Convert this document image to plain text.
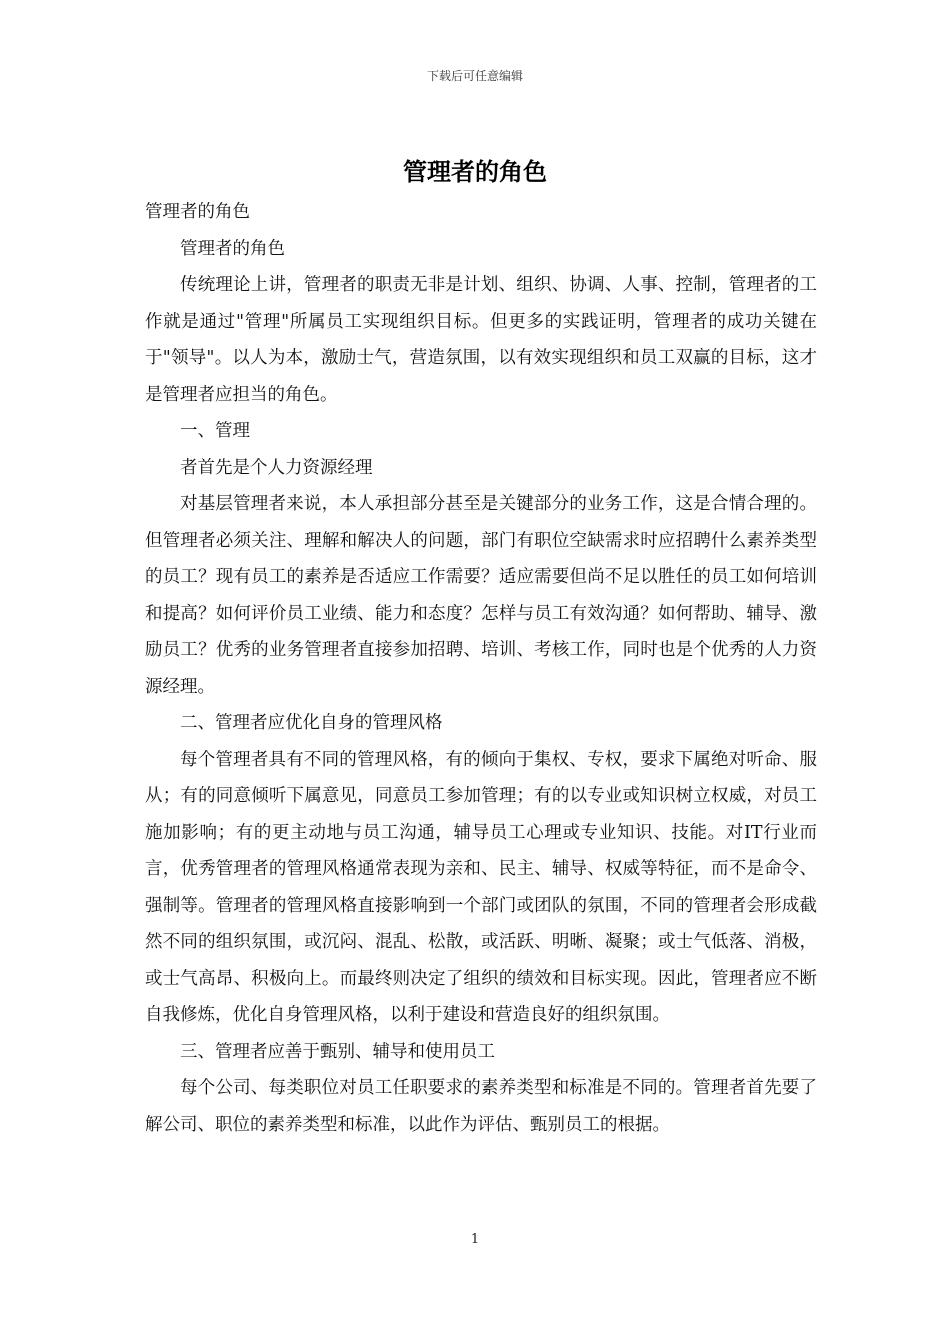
下载后可任意编辑
管理者的角色

管理者的角色

管理者的角色

传统理论上讲，管理者的职责无非是计划、组织、协调、人事、控制，管理者的工作就是通过"管理"所属员工实现组织目标。但更多的实践证明，管理者的成功关键在于"领导"。以人为本，激励士气，营造氛围，以有效实现组织和员工双赢的目标，这才是管理者应担当的角色。

一、管理

者首先是个人力资源经理

对基层管理者来说，本人承担部分甚至是关键部分的业务工作，这是合情合理的。但管理者必须关注、理解和解决人的问题，部门有职位空缺需求时应招聘什么素养类型的员工？现有员工的素养是否适应工作需要？适应需要但尚不足以胜任的员工如何培训和提高？如何评价员工业绩、能力和态度？怎样与员工有效沟通？如何帮助、辅导、激励员工？优秀的业务管理者直接参加招聘、培训、考核工作，同时也是个优秀的人力资源经理。

二、管理者应优化自身的管理风格

每个管理者具有不同的管理风格，有的倾向于集权、专权，要求下属绝对听命、服从；有的同意倾听下属意见，同意员工参加管理；有的以专业或知识树立权威，对员工施加影响；有的更主动地与员工沟通，辅导员工心理或专业知识、技能。对IT行业而言，优秀管理者的管理风格通常表现为亲和、民主、辅导、权威等特征，而不是命令、强制等。管理者的管理风格直接影响到一个部门或团队的氛围，不同的管理者会形成截然不同的组织氛围，或沉闷、混乱、松散，或活跃、明晰、凝聚；或士气低落、消极，或士气高昂、积极向上。而最终则决定了组织的绩效和目标实现。因此，管理者应不断自我修炼，优化自身管理风格，以利于建设和营造良好的组织氛围。

三、管理者应善于甄别、辅导和使用员工

每个公司、每类职位对员工任职要求的素养类型和标准是不同的。管理者首先要了解公司、职位的素养类型和标准，以此作为评估、甄别员工的根据。

1
